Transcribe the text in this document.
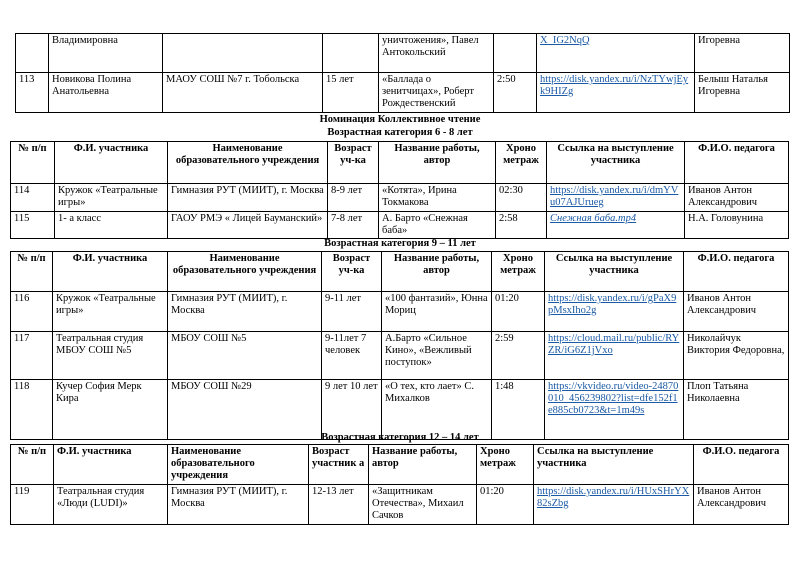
	Владимировна			уничтожения», Павел Антокольский		X_IG2NqQ	Игоревна
113	Новикова Полина Анатольевна	МАОУ СОШ №7 г. Тобольска	15 лет	«Баллада о зенитчицах», Роберт Рождественский	2:50	https://disk.yandex.ru/i/NzTYwjEyk9HIZg	Белыш Наталья Игоревна
Номинация Коллективное чтение
Возрастная категория 6 - 8 лет
№ п/п	Ф.И. участника	Наименование образовательного учреждения	Возраст уч-ка	Название работы, автор	Хроно метраж	Ссылка на выступление участника	Ф.И.О. педагога
114	Кружок «Театральные игры»	Гимназия РУТ (МИИТ), г. Москва	8-9 лет	«Котята», Ирина Токмакова	02:30	https://disk.yandex.ru/i/dmYVu07AJUrueg	Иванов Антон Александрович
115	1- а класс	ГАОУ РМЭ « Лицей Бауманский»	7-8 лет	А. Барто «Снежная баба»	2:58	Снежная баба.mp4	Н.А. Головунина
Возрастная категория 9 – 11 лет
№ п/п	Ф.И. участника	Наименование образовательного учреждения	Возраст уч-ка	Название работы, автор	Хроно метраж	Ссылка на выступление участника	Ф.И.О. педагога
116	Кружок «Театральные игры»	Гимназия РУТ (МИИТ), г. Москва	9-11 лет	«100 фантазий», Юнна Мориц	01:20	https://disk.yandex.ru/i/gPaX9pMsxIho2g	Иванов Антон Александрович
117	Театральная студия МБОУ СОШ №5	МБОУ СОШ №5	9-11лет 7 человек	А.Барто «Сильное Кино», «Вежливый поступок»	2:59	https://cloud.mail.ru/public/RYZR/iG6Z1jVxo	Николайчук Виктория Федоровна,
118	Кучер София Мерк Кира	МБОУ СОШ №29	9 лет 10 лет	«О тех, кто лает» С. Михалков	1:48	https://vkvideo.ru/video-24870010_456239802?list=dfe152f1e885cb0723&t=1m49s	Плоп Татьяна Николаевна
Возрастная категория 12 – 14 лет
№ п/п	Ф.И. участника	Наименование образовательного учреждения	Возраст участник а	Название работы, автор	Хроно метраж	Ссылка на выступление участника	Ф.И.О. педагога
119	Театральная студия «Люди (LUDI)»	Гимназия РУТ (МИИТ), г. Москва	12-13 лет	«Защитникам Отечества», Михаил Сачков	01:20	https://disk.yandex.ru/i/HUxSHrYX82sZbg	Иванов Антон Александрович
